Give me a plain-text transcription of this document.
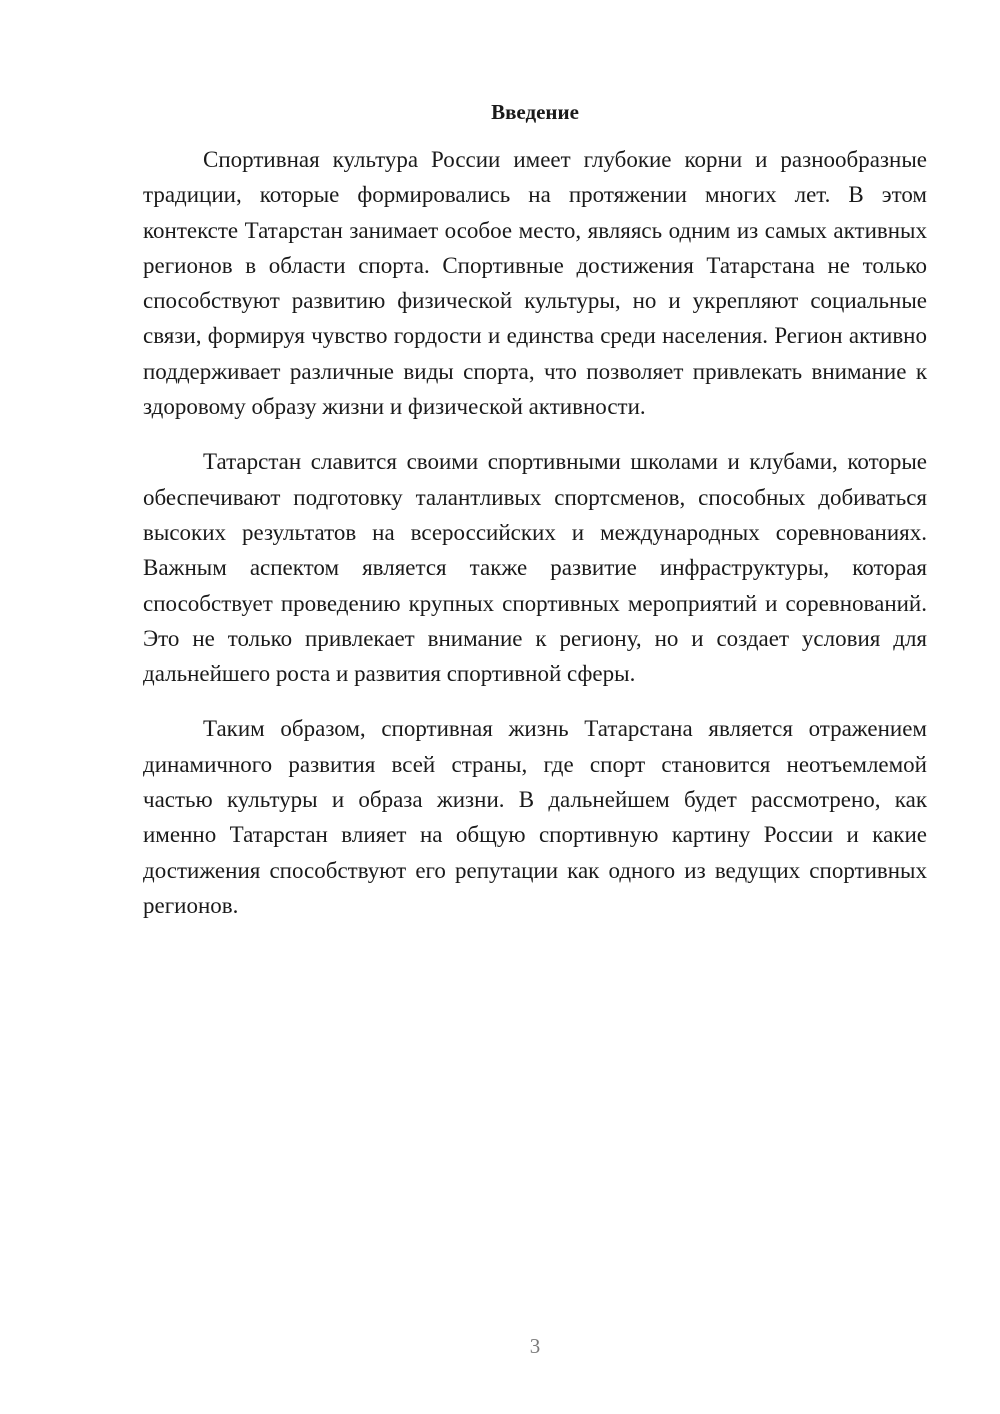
Введение

Спортивная культура России имеет глубокие корни и разнообразные традиции, которые формировались на протяжении многих лет. В этом контексте Татарстан занимает особое место, являясь одним из самых активных регионов в области спорта. Спортивные достижения Татарстана не только способствуют развитию физической культуры, но и укрепляют социальные связи, формируя чувство гордости и единства среди населения. Регион активно поддерживает различные виды спорта, что позволяет привлекать внимание к здоровому образу жизни и физической активности.

Татарстан славится своими спортивными школами и клубами, которые обеспечивают подготовку талантливых спортсменов, способных добиваться высоких результатов на всероссийских и международных соревнованиях. Важным аспектом является также развитие инфраструктуры, которая способствует проведению крупных спортивных мероприятий и соревнований. Это не только привлекает внимание к региону, но и создает условия для дальнейшего роста и развития спортивной сферы.

Таким образом, спортивная жизнь Татарстана является отражением динамичного развития всей страны, где спорт становится неотъемлемой частью культуры и образа жизни. В дальнейшем будет рассмотрено, как именно Татарстан влияет на общую спортивную картину России и какие достижения способствуют его репутации как одного из ведущих спортивных регионов.

3
